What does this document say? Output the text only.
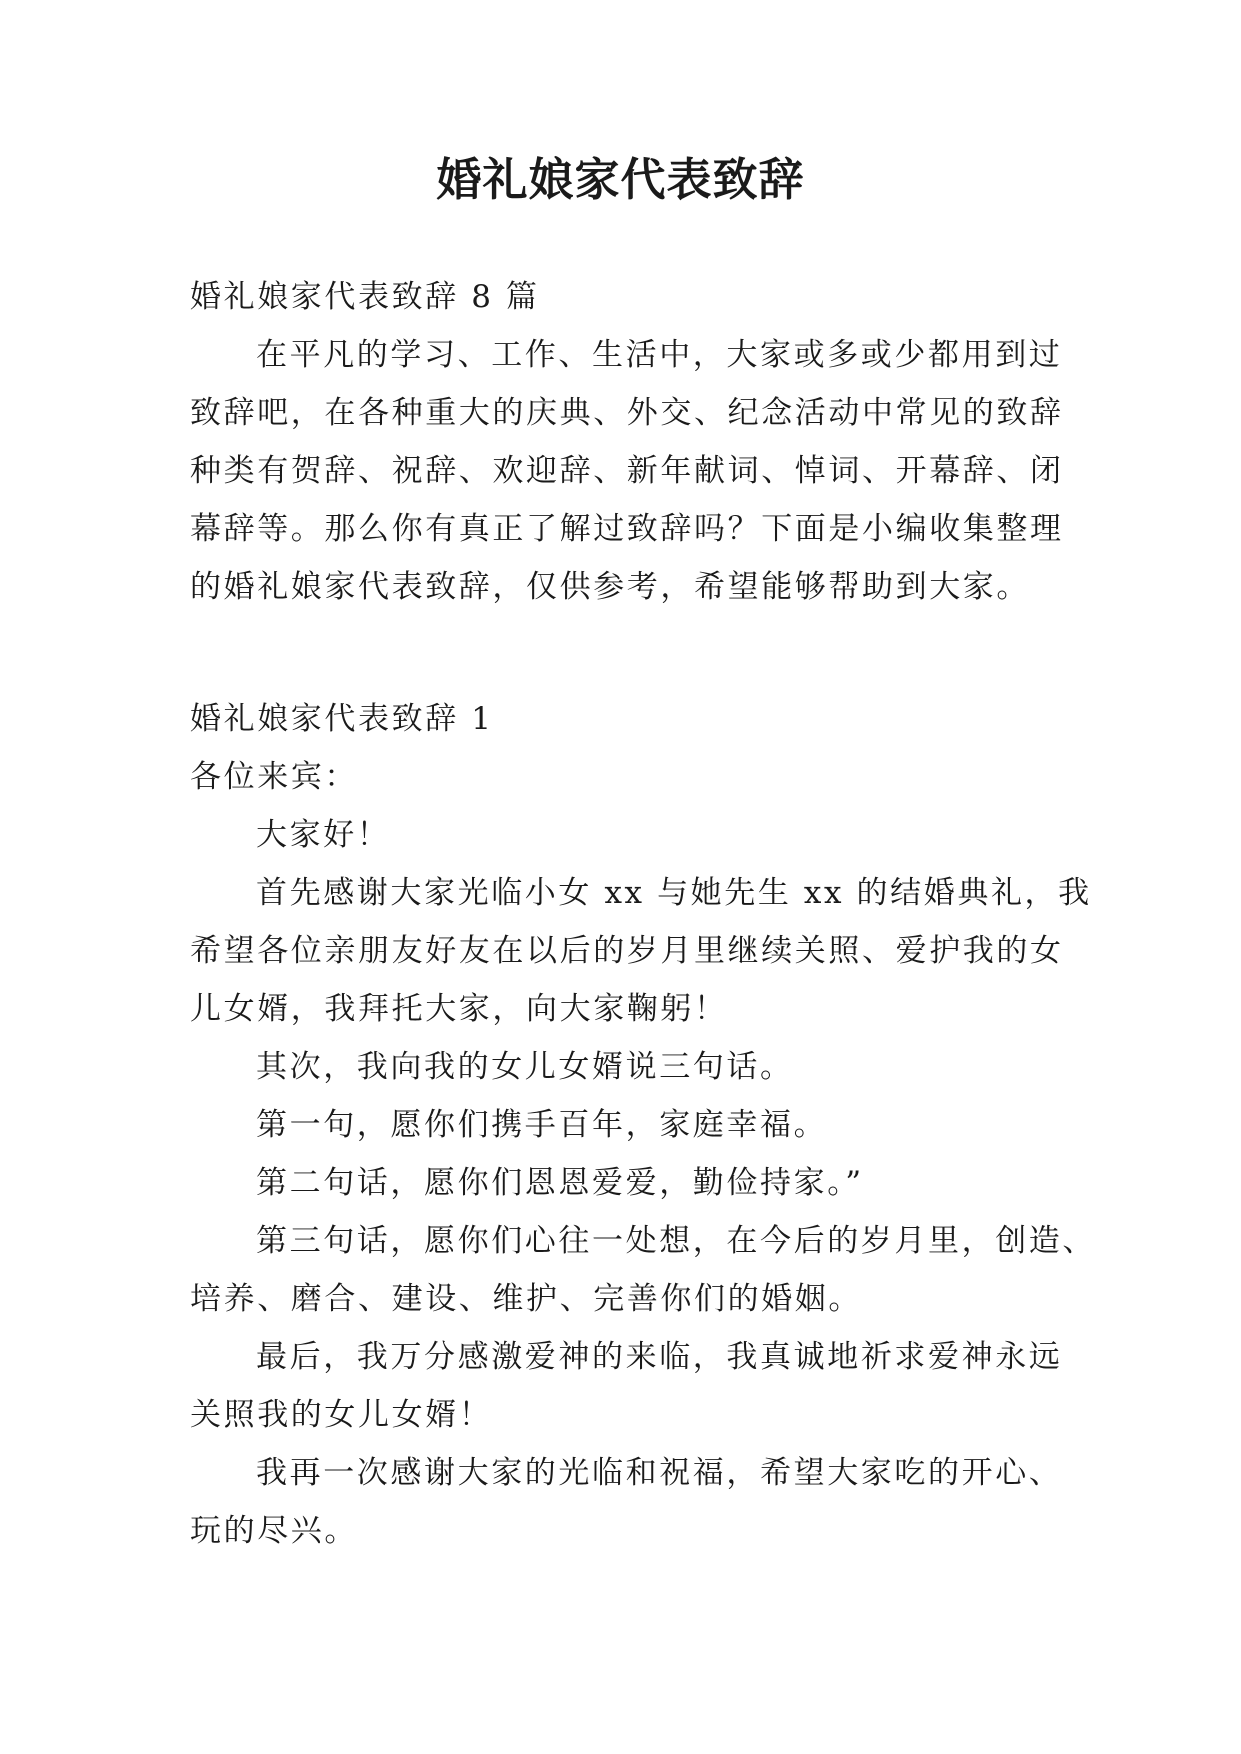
婚礼娘家代表致辞
婚礼娘家代表致辞 8 篇
在平凡的学习、工作、生活中，大家或多或少都用到过
致辞吧，在各种重大的庆典、外交、纪念活动中常见的致辞
种类有贺辞、祝辞、欢迎辞、新年献词、悼词、开幕辞、闭
幕辞等。那么你有真正了解过致辞吗？下面是小编收集整理
的婚礼娘家代表致辞，仅供参考，希望能够帮助到大家。
婚礼娘家代表致辞 1
各位来宾：
大家好！
首先感谢大家光临小女 xx 与她先生 xx 的结婚典礼，我
希望各位亲朋友好友在以后的岁月里继续关照、爱护我的女
儿女婿，我拜托大家，向大家鞠躬！
其次，我向我的女儿女婿说三句话。
第一句，愿你们携手百年，家庭幸福。
第二句话，愿你们恩恩爱爱，勤俭持家。”
第三句话，愿你们心往一处想，在今后的岁月里，创造、
培养、磨合、建设、维护、完善你们的婚姻。
最后，我万分感激爱神的来临，我真诚地祈求爱神永远
关照我的女儿女婿！
我再一次感谢大家的光临和祝福，希望大家吃的开心、
玩的尽兴。
